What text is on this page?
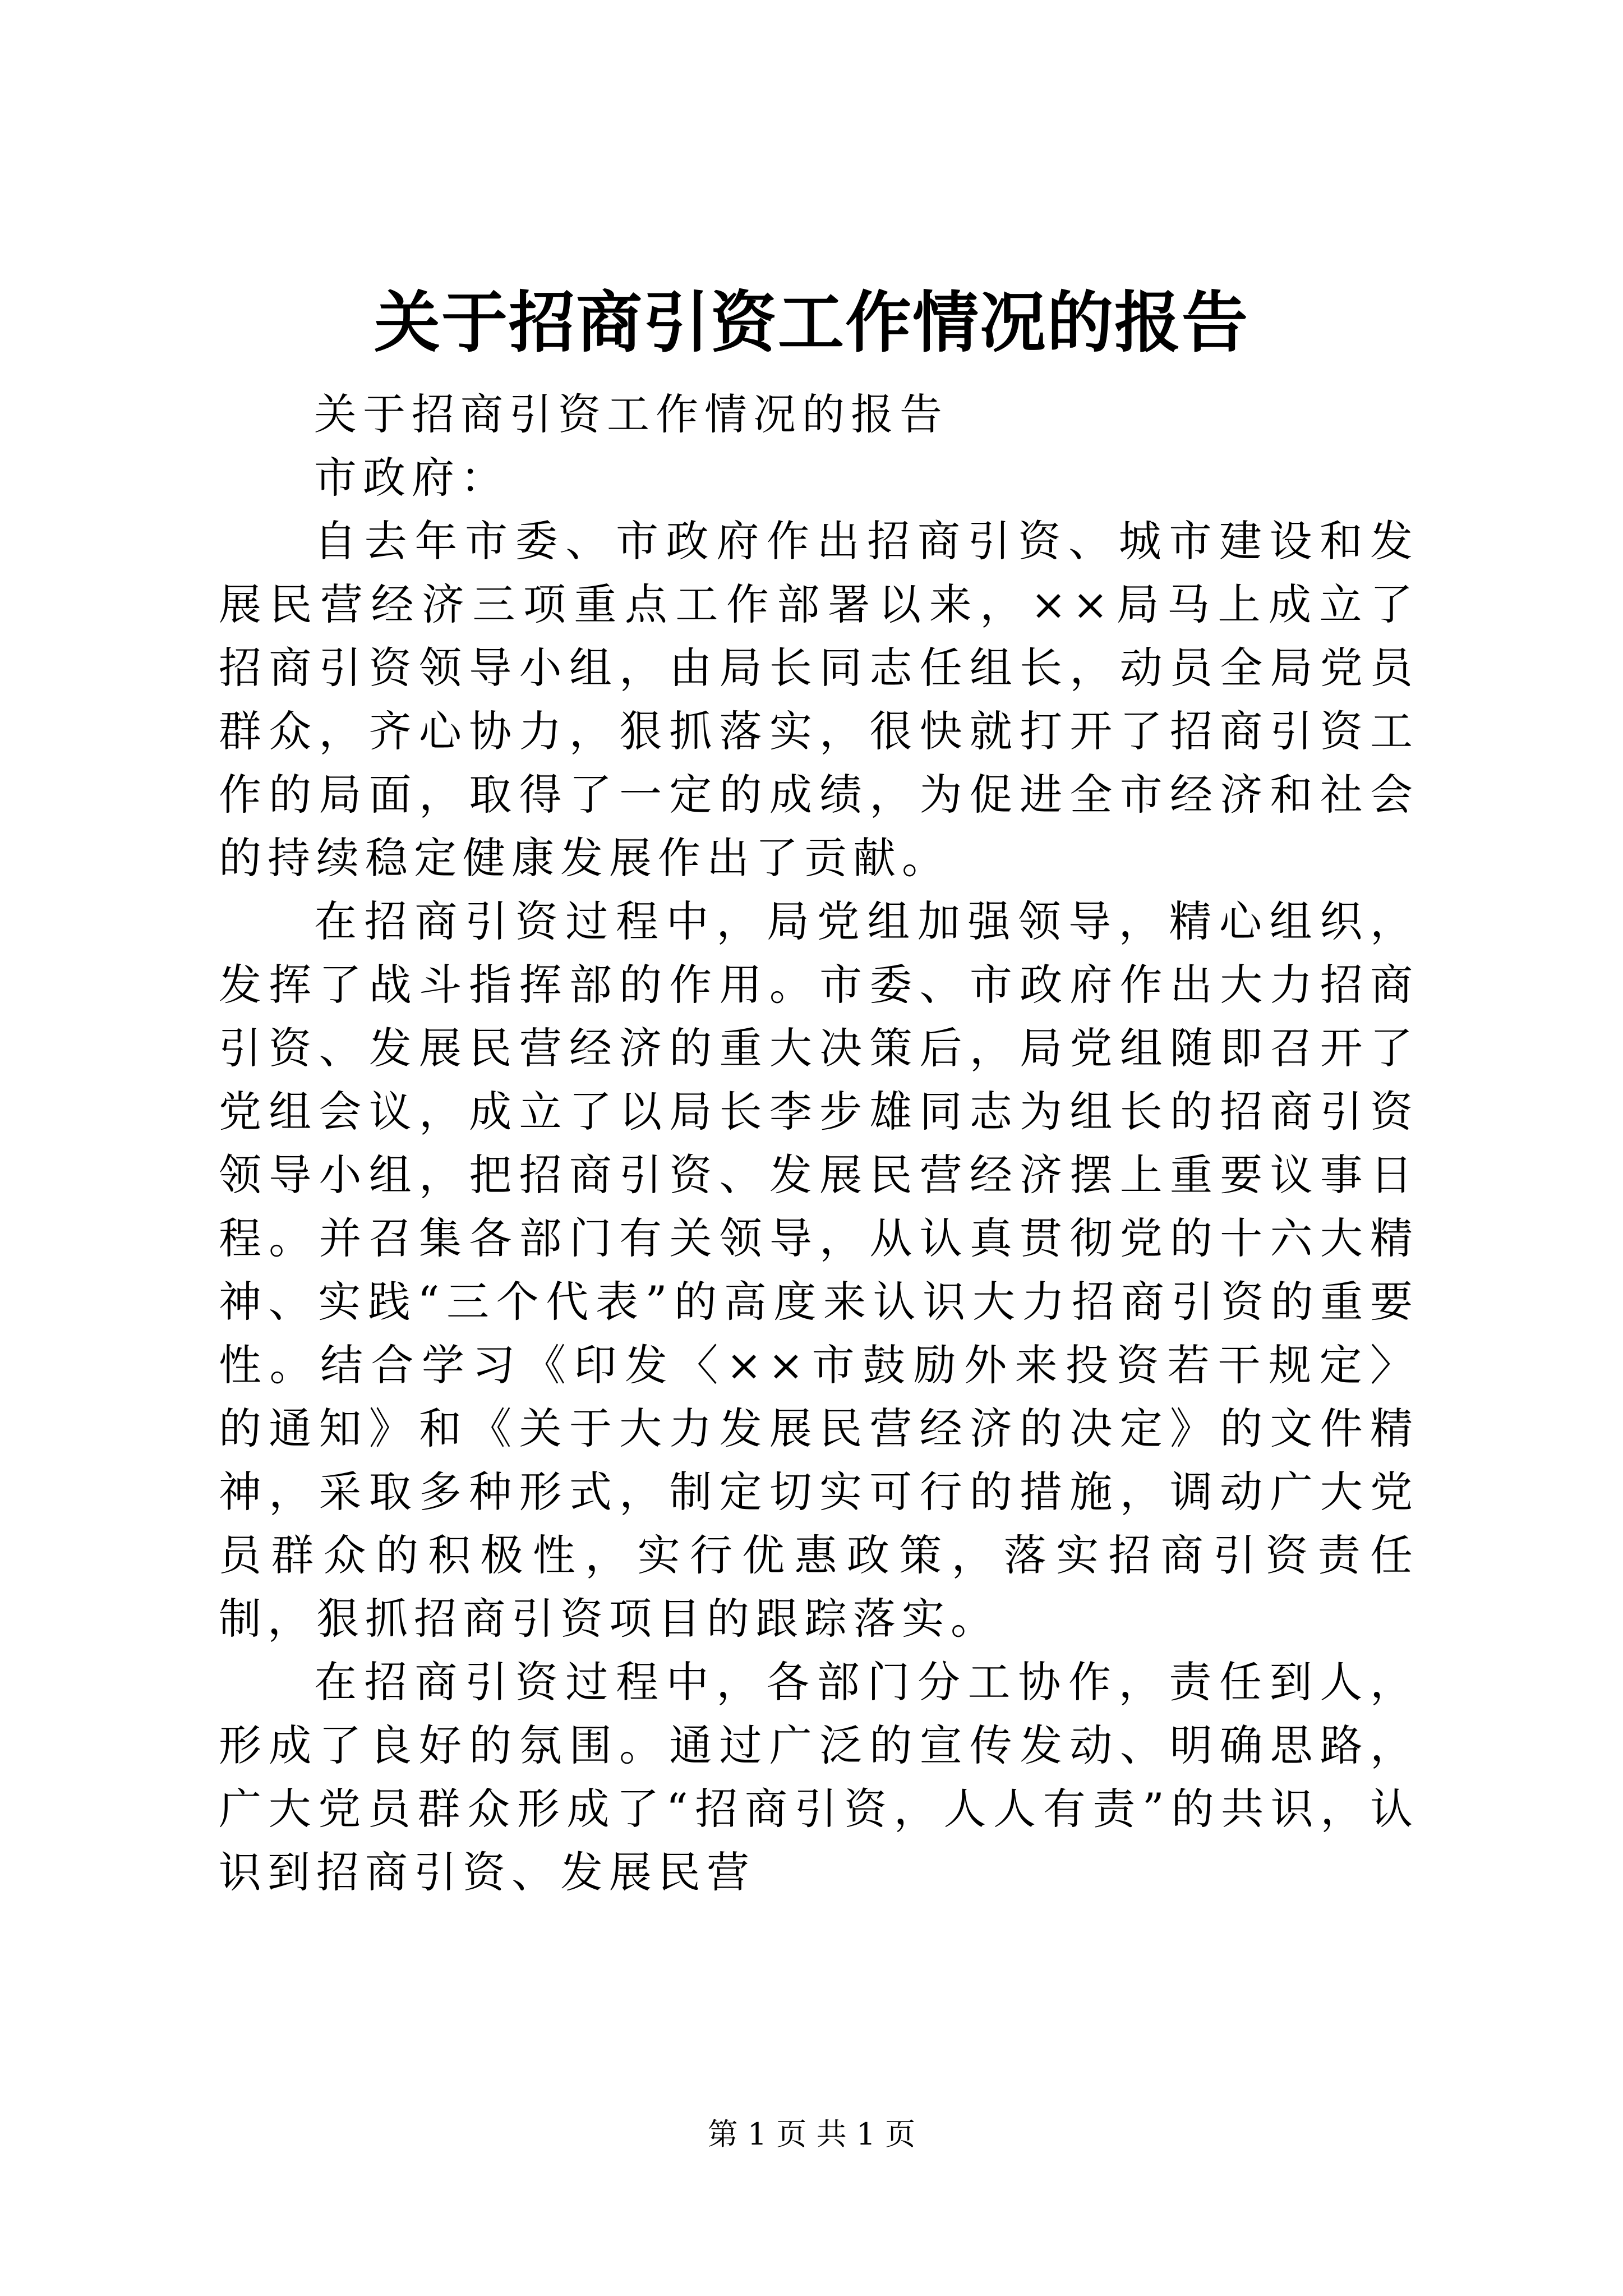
关于招商引资工作情况的报告

关于招商引资工作情况的报告

市政府：

自去年市委、市政府作出招商引资、城市建设和发展民营经济三项重点工作部署以来，××局马上成立了招商引资领导小组，由局长同志任组长，动员全局党员群众，齐心协力，狠抓落实，很快就打开了招商引资工作的局面，取得了一定的成绩，为促进全市经济和社会的持续稳定健康发展作出了贡献。

在招商引资过程中，局党组加强领导，精心组织，发挥了战斗指挥部的作用。市委、市政府作出大力招商引资、发展民营经济的重大决策后，局党组随即召开了党组会议，成立了以局长李步雄同志为组长的招商引资领导小组，把招商引资、发展民营经济摆上重要议事日程。并召集各部门有关领导，从认真贯彻党的十六大精神、实践“三个代表”的高度来认识大力招商引资的重要性。结合学习《印发〈××市鼓励外来投资若干规定〉的通知》和《关于大力发展民营经济的决定》的文件精神，采取多种形式，制定切实可行的措施，调动广大党员群众的积极性，实行优惠政策，落实招商引资责任制，狠抓招商引资项目的跟踪落实。

在招商引资过程中，各部门分工协作，责任到人，形成了良好的氛围。通过广泛的宣传发动、明确思路，广大党员群众形成了“招商引资，人人有责”的共识，认识到招商引资、发展民营

第 1 页 共 1 页
